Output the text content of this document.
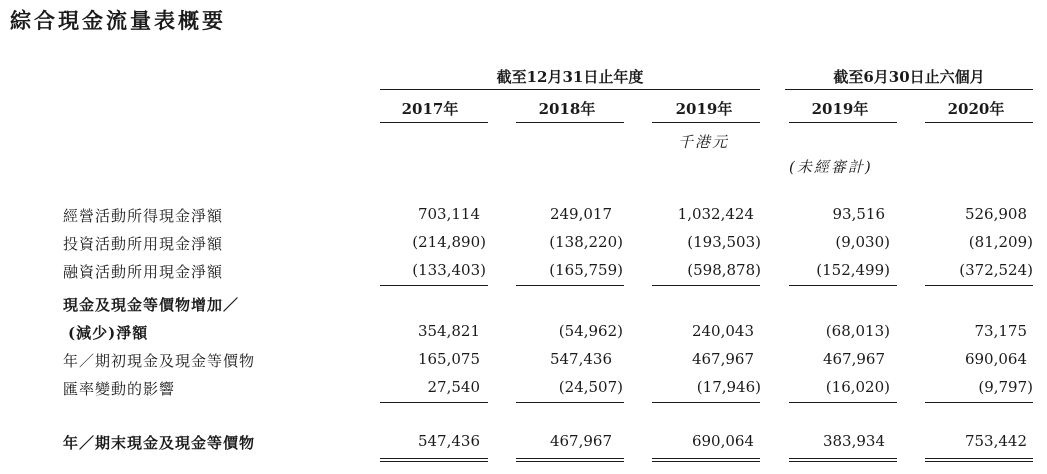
綜合現金流量表概要
截至12月31日止年度	截至6月30日止六個月
2017年	2018年	2019年	2019年	2020年
千港元
(未經審計)
經營活動所得現金淨額	703,114	249,017	1,032,424	93,516	526,908
投資活動所用現金淨額	(214,890)	(138,220)	(193,503)	(9,030)	(81,209)
融資活動所用現金淨額	(133,403)	(165,759)	(598,878)	(152,499)	(372,524)
現金及現金等價物增加／
(減少)淨額	354,821	(54,962)	240,043	(68,013)	73,175
年／期初現金及現金等價物	165,075	547,436	467,967	467,967	690,064
匯率變動的影響	27,540	(24,507)	(17,946)	(16,020)	(9,797)
年／期末現金及現金等價物	547,436	467,967	690,064	383,934	753,442
